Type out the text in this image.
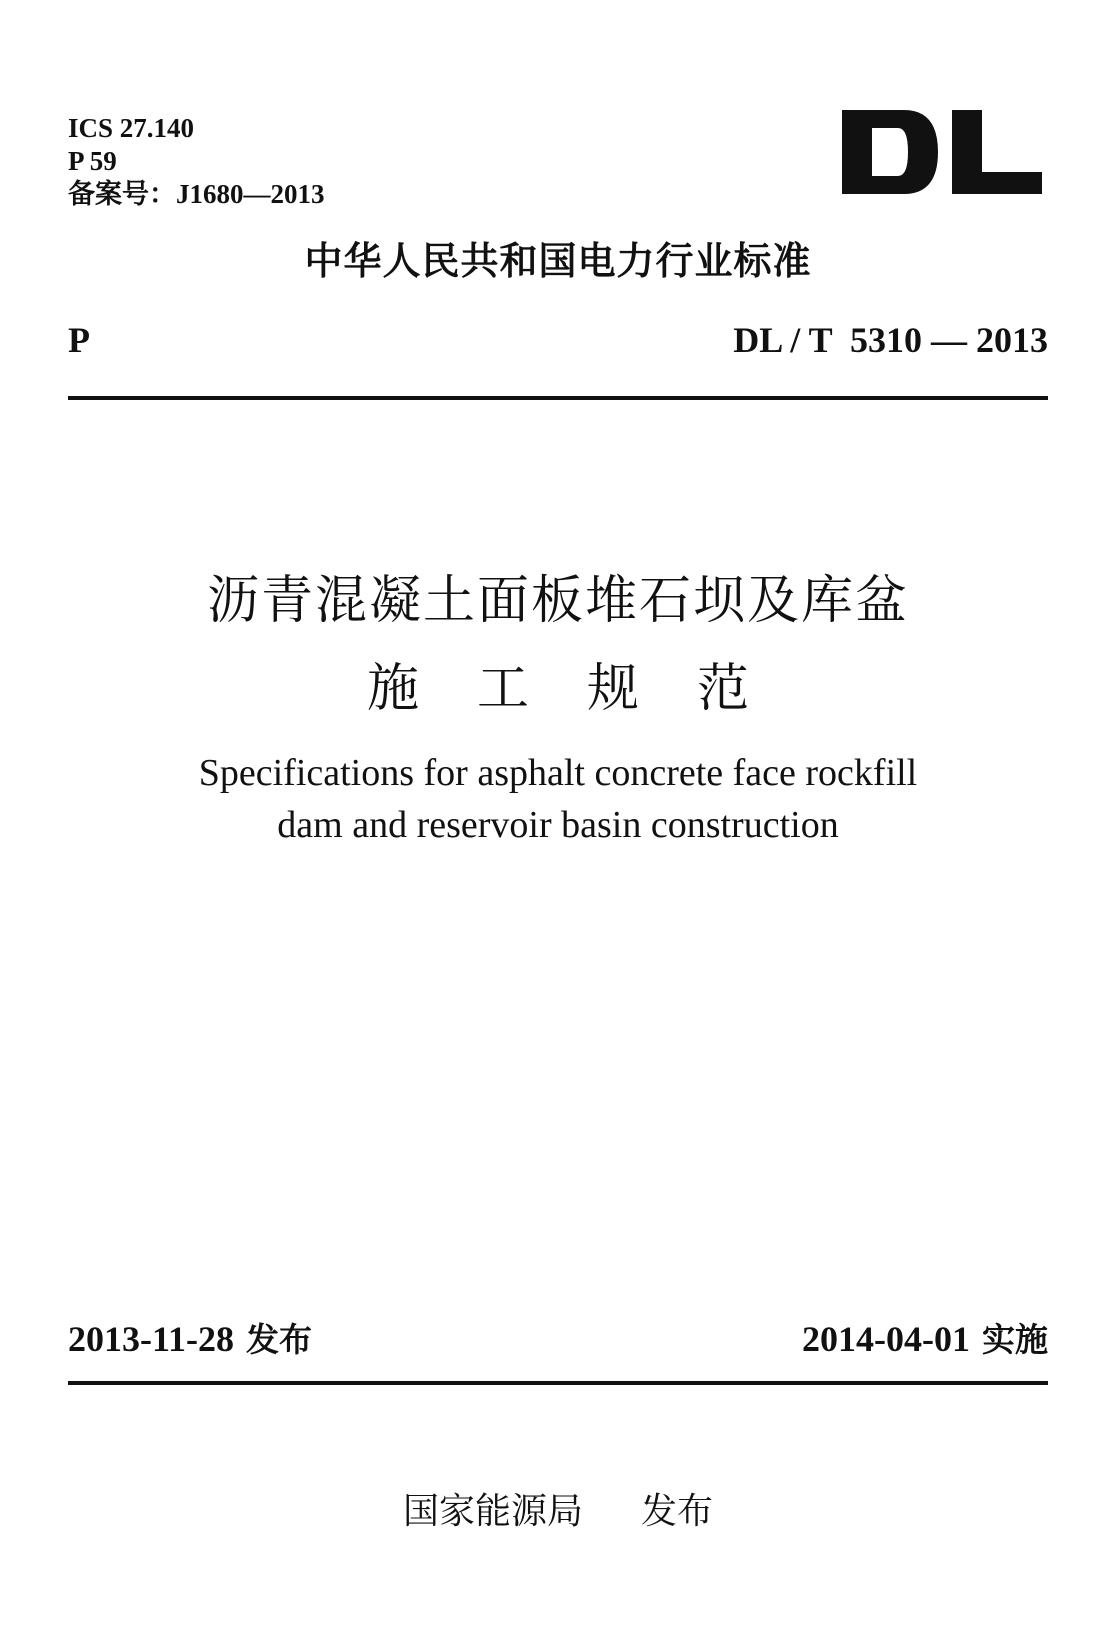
ICS 27.140
P 59
备案号：J1680—2013
中华人民共和国电力行业标准
P	DL / T  5310 — 2013
沥青混凝土面板堆石坝及库盆
施工规范
Specifications for asphalt concrete face rockfill
dam and reservoir basin construction
2013-11-28 发布	2014-04-01 实施
国家能源局 发布
